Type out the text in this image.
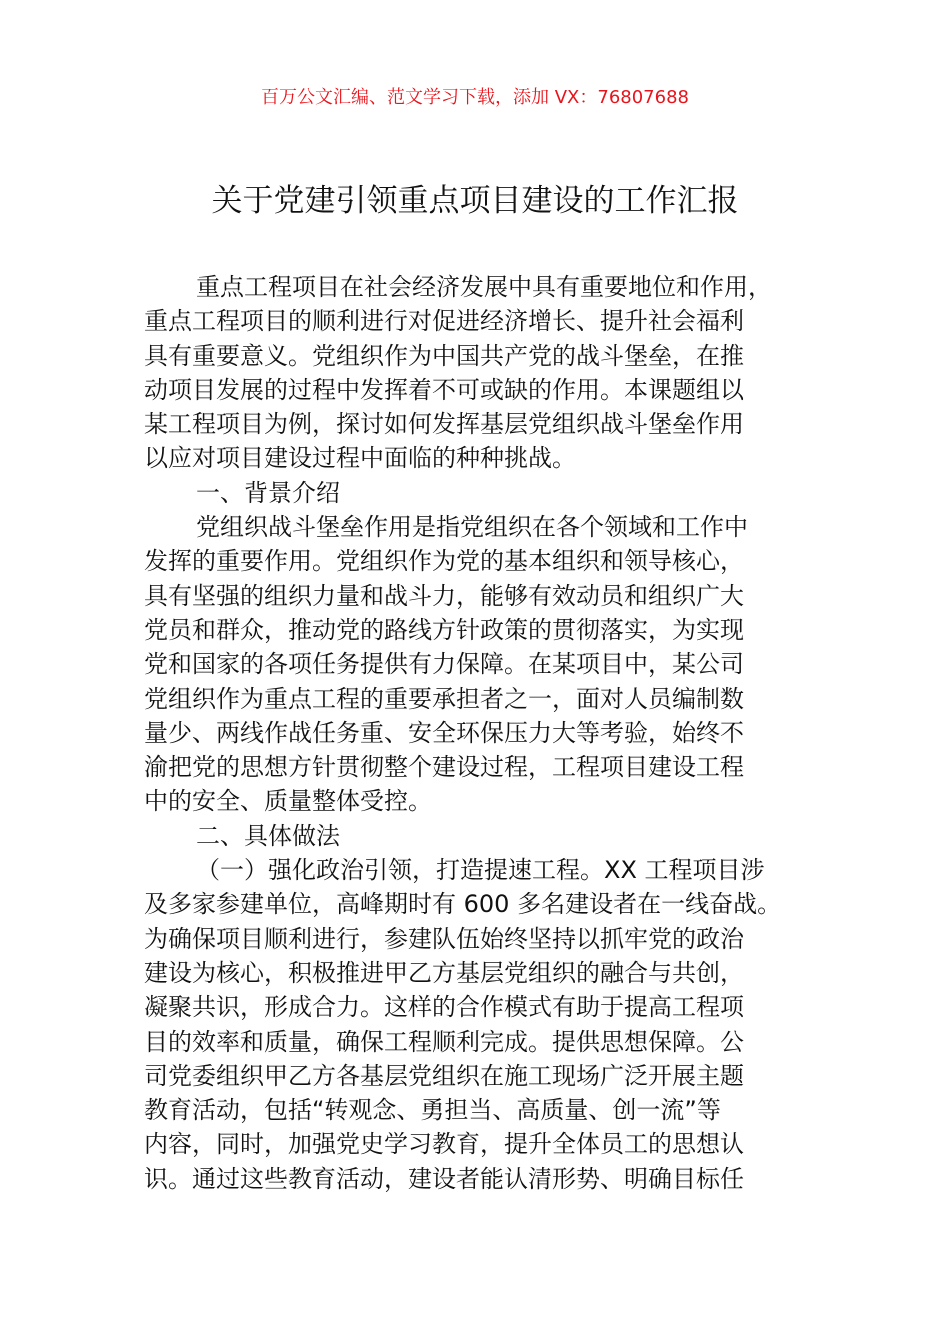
百万公文汇编、范文学习下载，添加 VX：76807688
关于党建引领重点项目建设的工作汇报
重点工程项目在社会经济发展中具有重要地位和作用，
重点工程项目的顺利进行对促进经济增长、提升社会福利
具有重要意义。党组织作为中国共产党的战斗堡垒，在推
动项目发展的过程中发挥着不可或缺的作用。本课题组以
某工程项目为例，探讨如何发挥基层党组织战斗堡垒作用
以应对项目建设过程中面临的种种挑战。
一、背景介绍
党组织战斗堡垒作用是指党组织在各个领域和工作中
发挥的重要作用。党组织作为党的基本组织和领导核心，
具有坚强的组织力量和战斗力，能够有效动员和组织广大
党员和群众，推动党的路线方针政策的贯彻落实，为实现
党和国家的各项任务提供有力保障。在某项目中，某公司
党组织作为重点工程的重要承担者之一，面对人员编制数
量少、两线作战任务重、安全环保压力大等考验，始终不
渝把党的思想方针贯彻整个建设过程，工程项目建设工程
中的安全、质量整体受控。
二、具体做法
（一）强化政治引领，打造提速工程。XX 工程项目涉
及多家参建单位，高峰期时有 600 多名建设者在一线奋战。
为确保项目顺利进行，参建队伍始终坚持以抓牢党的政治
建设为核心，积极推进甲乙方基层党组织的融合与共创，
凝聚共识，形成合力。这样的合作模式有助于提高工程项
目的效率和质量，确保工程顺利完成。提供思想保障。公
司党委组织甲乙方各基层党组织在施工现场广泛开展主题
教育活动，包括“转观念、勇担当、高质量、创一流”等
内容，同时，加强党史学习教育，提升全体员工的思想认
识。通过这些教育活动，建设者能认清形势、明确目标任
